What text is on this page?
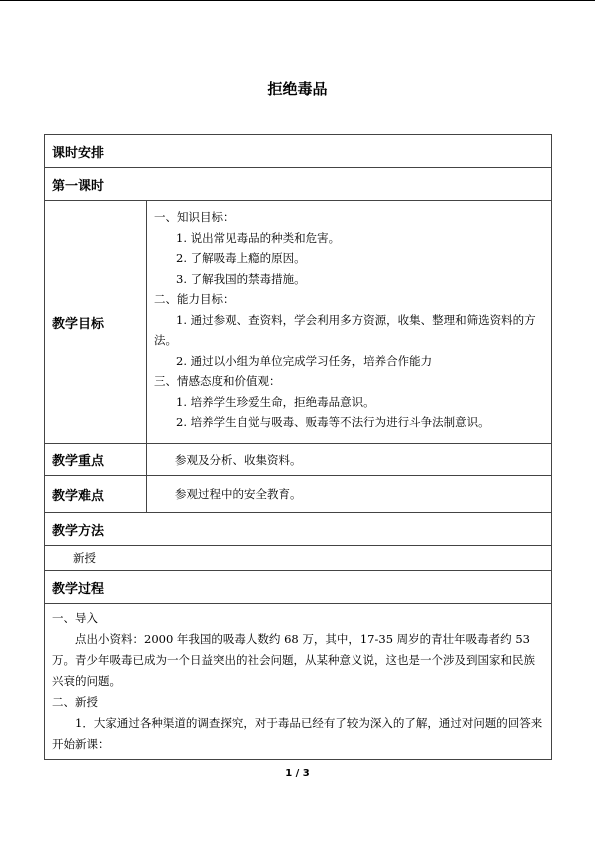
拒绝毒品
课时安排
第一课时
教学目标
一、知识目标：
1. 说出常见毒品的种类和危害。
2. 了解吸毒上瘾的原因。
3. 了解我国的禁毒措施。
二、能力目标：
1. 通过参观、查资料，学会利用多方资源，收集、整理和筛选资料的方法。
2. 通过以小组为单位完成学习任务，培养合作能力
三、情感态度和价值观：
1. 培养学生珍爱生命，拒绝毒品意识。
2. 培养学生自觉与吸毒、贩毒等不法行为进行斗争法制意识。
教学重点	参观及分析、收集资料。
教学难点	参观过程中的安全教育。
教学方法
新授
教学过程
一、导入
点出小资料：2000 年我国的吸毒人数约 68 万，其中，17-35 周岁的青壮年吸毒者约 53 万。青少年吸毒已成为一个日益突出的社会问题，从某种意义说，这也是一个涉及到国家和民族兴衰的问题。
二、新授
1．大家通过各种渠道的调查探究，对于毒品已经有了较为深入的了解，通过对问题的回答来开始新课：
1 / 3
